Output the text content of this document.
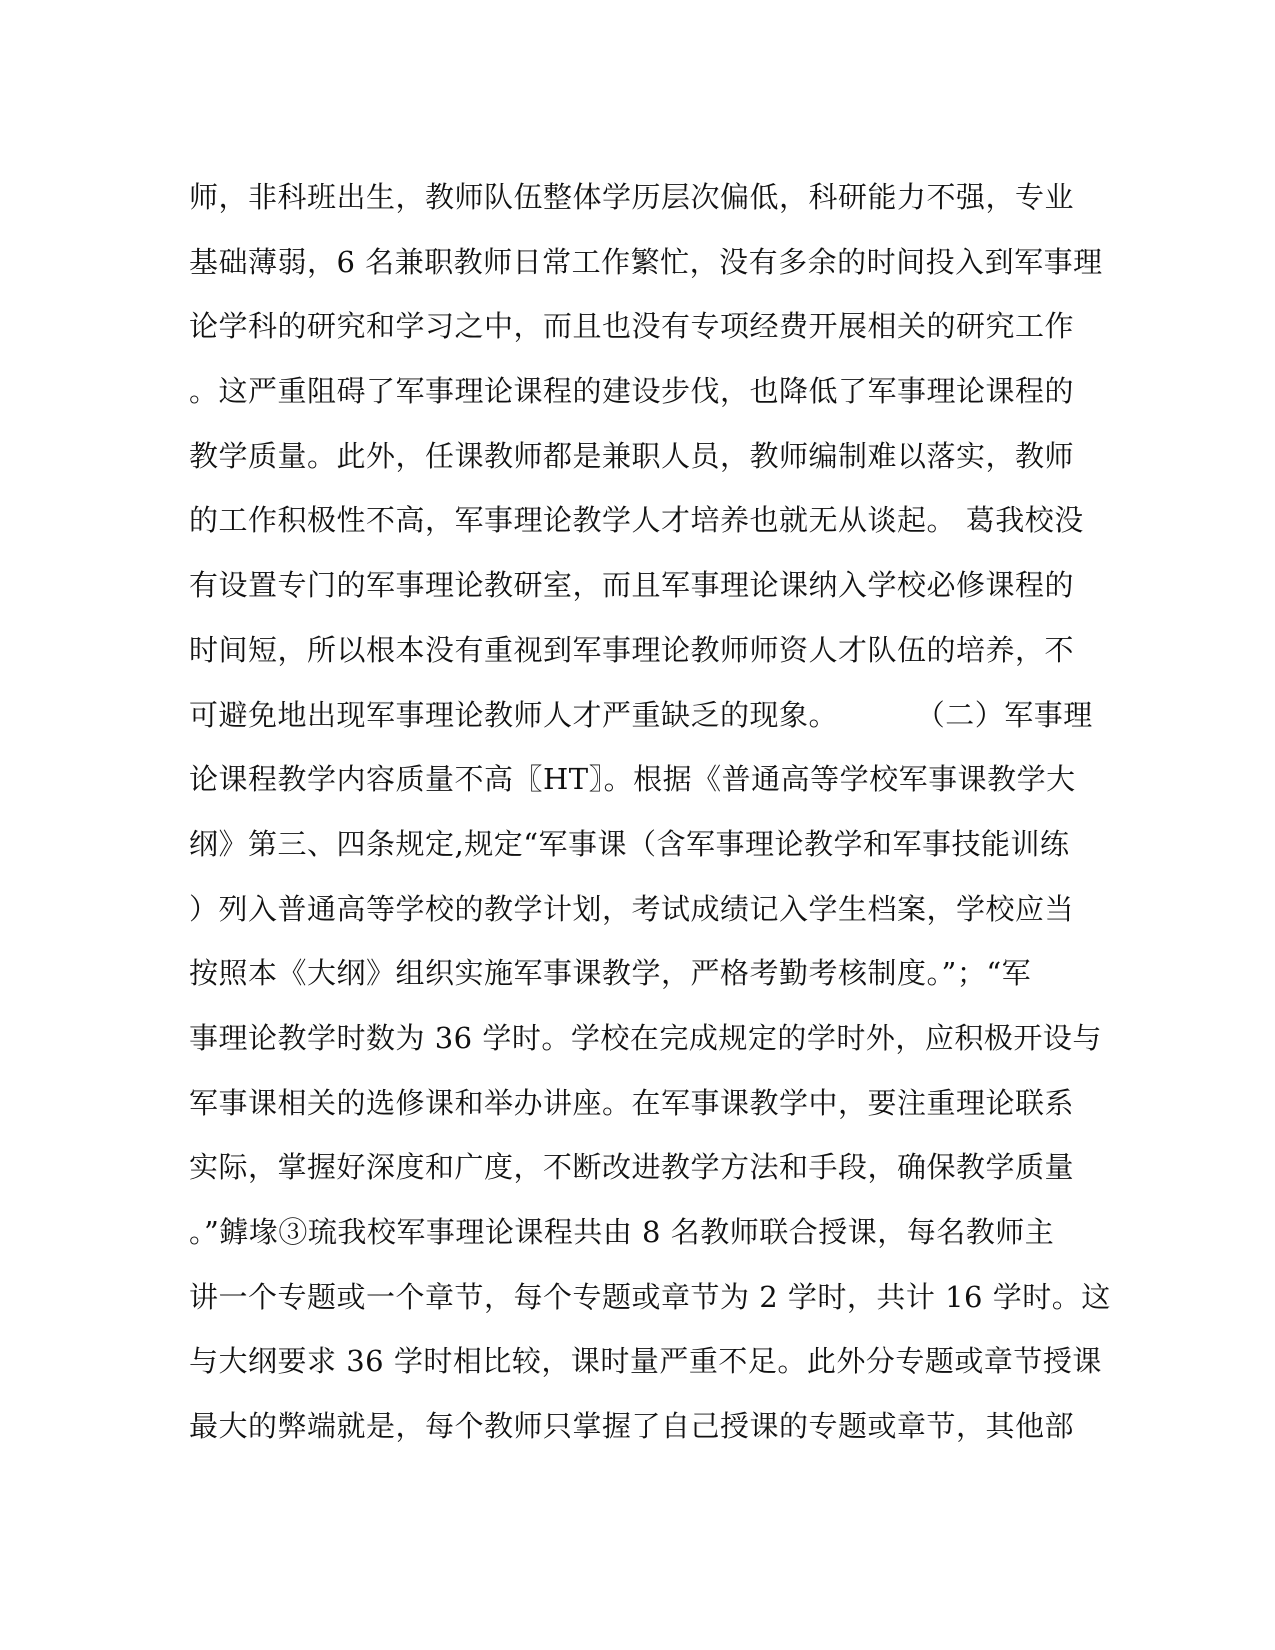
师，非科班出生，教师队伍整体学历层次偏低，科研能力不强，专业
基础薄弱，6 名兼职教师日常工作繁忙，没有多余的时间投入到军事理
论学科的研究和学习之中，而且也没有专项经费开展相关的研究工作
。这严重阻碍了军事理论课程的建设步伐，也降低了军事理论课程的
教学质量。此外，任课教师都是兼职人员，教师编制难以落实，教师
的工作积极性不高，军事理论教学人才培养也就无从谈起。 葛我校没
有设置专门的军事理论教研室，而且军事理论课纳入学校必修课程的
时间短，所以根本没有重视到军事理论教师师资人才队伍的培养，不
可避免地出现军事理论教师人才严重缺乏的现象。        （二）军事理
论课程教学内容质量不高〖HT〗。根据《普通高等学校军事课教学大
纲》第三、四条规定,规定“军事课（含军事理论教学和军事技能训练
）列入普通高等学校的教学计划，考试成绩记入学生档案，学校应当
按照本《大纲》组织实施军事课教学，严格考勤考核制度。”；“军
事理论教学时数为 36 学时。学校在完成规定的学时外，应积极开设与
军事课相关的选修课和举办讲座。在军事课教学中，要注重理论联系
实际，掌握好深度和广度，不断改进教学方法和手段，确保教学质量
。”鎼堟③琉我校军事理论课程共由 8 名教师联合授课，每名教师主
讲一个专题或一个章节，每个专题或章节为 2 学时，共计 16 学时。这
与大纲要求 36 学时相比较，课时量严重不足。此外分专题或章节授课
最大的弊端就是，每个教师只掌握了自己授课的专题或章节，其他部
